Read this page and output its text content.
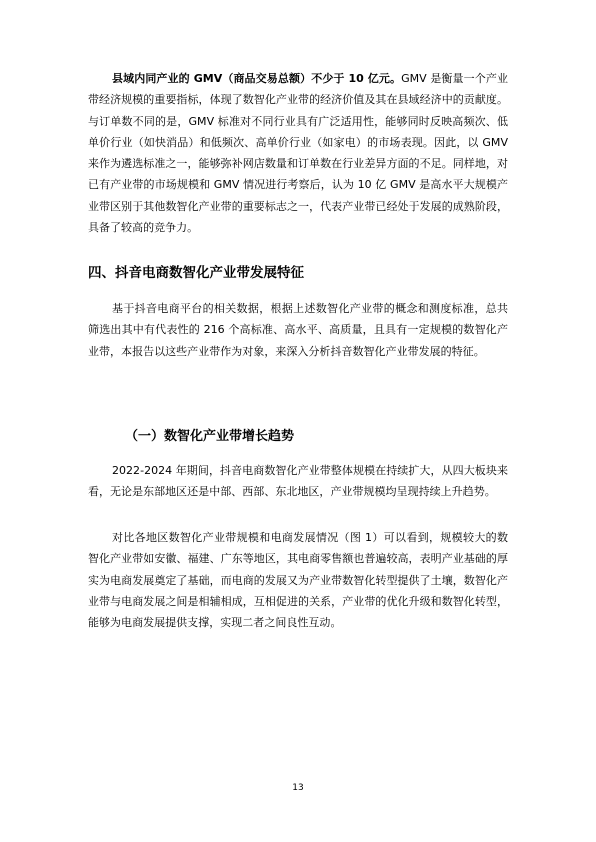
县域内同产业的 GMV（商品交易总额）不少于 10 亿元。GMV 是衡量一个产业带经济规模的重要指标，体现了数智化产业带的经济价值及其在县域经济中的贡献度。与订单数不同的是，GMV 标准对不同行业具有广泛适用性，能够同时反映高频次、低单价行业（如快消品）和低频次、高单价行业（如家电）的市场表现。因此，以 GMV 来作为遴选标准之一，能够弥补网店数量和订单数在行业差异方面的不足。同样地，对已有产业带的市场规模和 GMV 情况进行考察后，认为 10 亿 GMV 是高水平大规模产业带区别于其他数智化产业带的重要标志之一，代表产业带已经处于发展的成熟阶段，具备了较高的竞争力。

四、抖音电商数智化产业带发展特征

基于抖音电商平台的相关数据，根据上述数智化产业带的概念和测度标准，总共筛选出其中有代表性的 216 个高标准、高水平、高质量，且具有一定规模的数智化产业带，本报告以这些产业带作为对象，来深入分析抖音数智化产业带发展的特征。

（一）数智化产业带增长趋势

2022-2024 年期间，抖音电商数智化产业带整体规模在持续扩大，从四大板块来看，无论是东部地区还是中部、西部、东北地区，产业带规模均呈现持续上升趋势。

对比各地区数智化产业带规模和电商发展情况（图 1）可以看到，规模较大的数智化产业带如安徽、福建、广东等地区，其电商零售额也普遍较高，表明产业基础的厚实为电商发展奠定了基础，而电商的发展又为产业带数智化转型提供了土壤，数智化产业带与电商发展之间是相辅相成，互相促进的关系，产业带的优化升级和数智化转型，能够为电商发展提供支撑，实现二者之间良性互动。

13
